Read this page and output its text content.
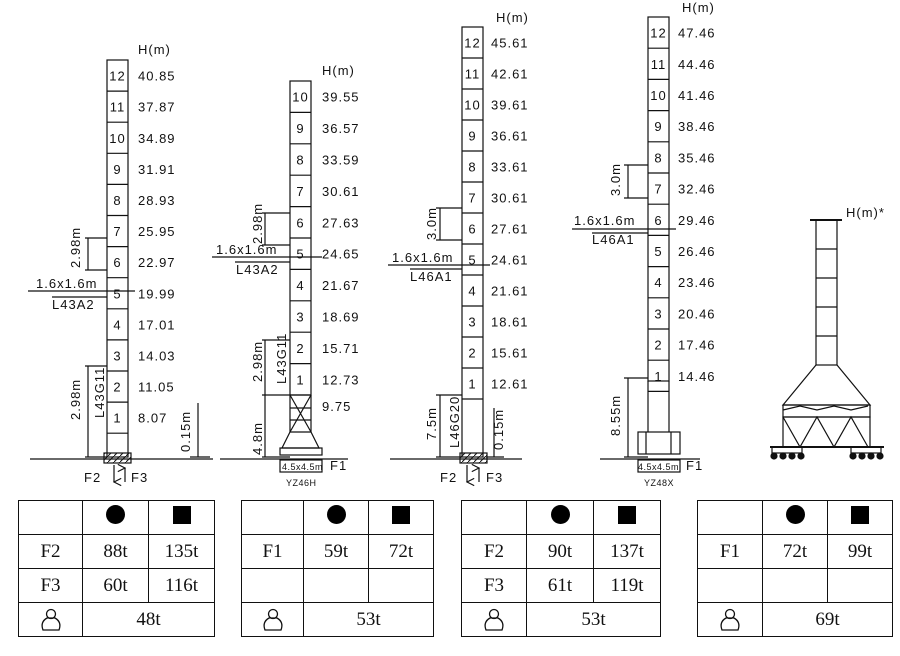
H(m)
2.98m
2.98m L43G11
1.6x1.6m
L43A2
0.15m
F2 F3
12 40.85
11 37.87
10 34.89
9 31.91
8 28.93
7 25.95
6 22.97
5 19.99
4 17.01
3 14.03
2 11.05
1 8.07
H(m)
2.98m
2.98m L43G11
4.8m
1.6x1.6m
L43A2
4.5x4.5m
YZ46H
F1
10 39.55
9 36.57
8 33.59
7 30.61
6 27.63
5 24.65
4 21.67
3 18.69
2 15.71
1 12.73
9.75
H(m)
3.0m
7.5m L46G20
1.6x1.6m
L46A1
0.15m
F2 F3
12 45.61
11 42.61
10 39.61
9 36.61
8 33.61
7 30.61
6 27.61
5 24.61
4 21.61
3 18.61
2 15.61
1 12.61
H(m)
3.0m
8.55m
1.6x1.6m
L46A1
4.5x4.5m
YZ48X
F1
12 47.46
11 44.46
10 41.46
9 38.46
8 35.46
7 32.46
6 29.46
5 26.46
4 23.46
3 20.46
2 17.46
1 14.46
H(m)*

F2	88t	135t
F3	60t	116t
	48t	

F1	59t	72t

	53t	

F2	90t	137t
F3	61t	119t
	53t	

F1	72t	99t

	69t	
